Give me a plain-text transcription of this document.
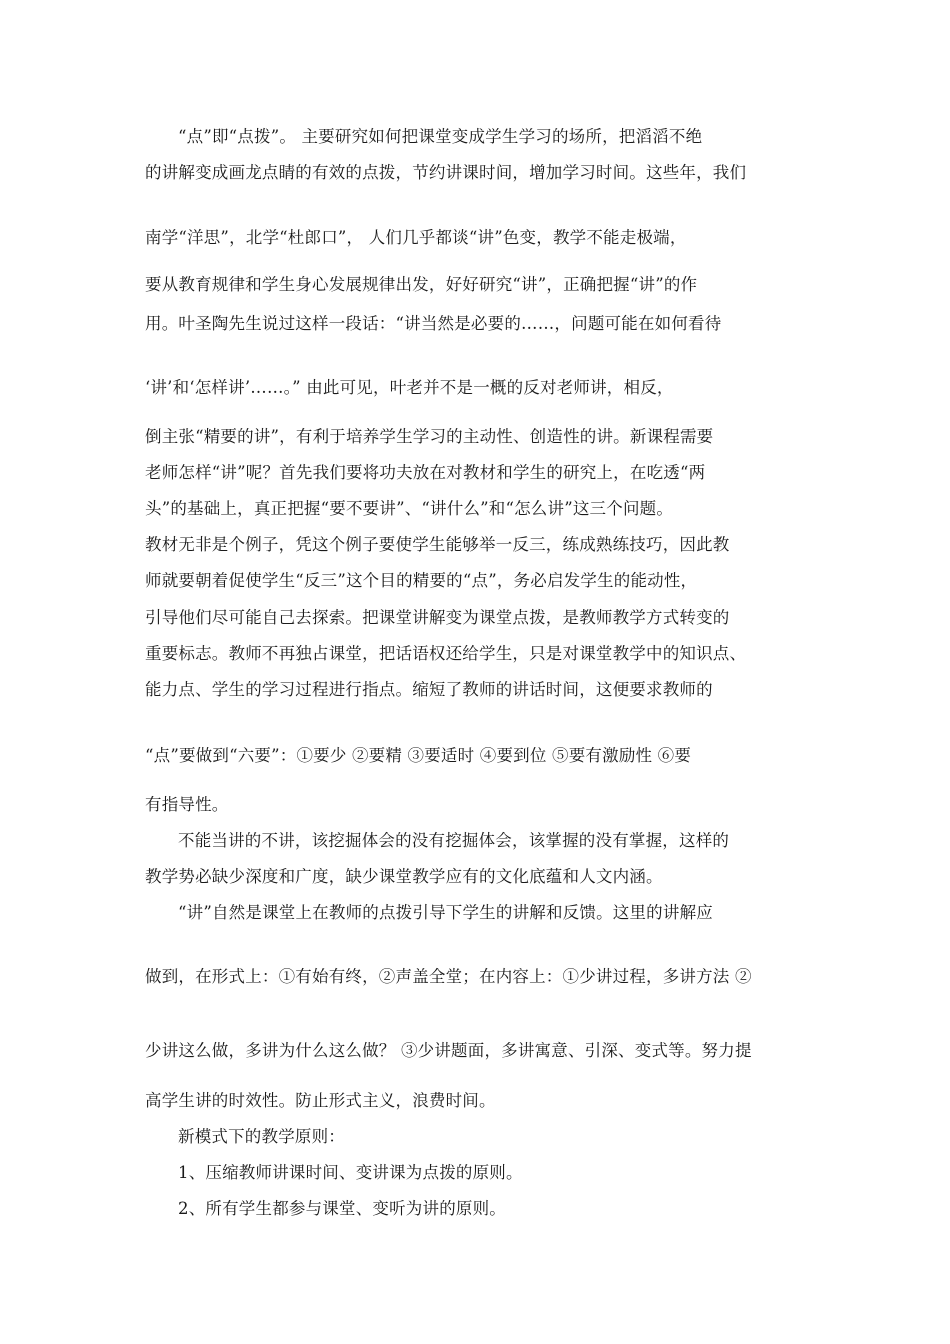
“点”即“点拨”。 主要研究如何把课堂变成学生学习的场所，把滔滔不绝

的讲解变成画龙点睛的有效的点拨，节约讲课时间，增加学习时间。这些年，我们

南学“洋思”，北学“杜郎口”， 人们几乎都谈“讲”色变，教学不能走极端，

要从教育规律和学生身心发展规律出发，好好研究“讲”，正确把握“讲”的作

用。叶圣陶先生说过这样一段话：“讲当然是必要的……，问题可能在如何看待

‘讲’和‘怎样讲’……。” 由此可见，叶老并不是一概的反对老师讲，相反，

倒主张“精要的讲”，有利于培养学生学习的主动性、创造性的讲。新课程需要

老师怎样“讲”呢？首先我们要将功夫放在对教材和学生的研究上，在吃透“两

头”的基础上，真正把握“要不要讲”、“讲什么”和“怎么讲”这三个问题。

教材无非是个例子，凭这个例子要使学生能够举一反三，练成熟练技巧，因此教

师就要朝着促使学生“反三”这个目的精要的“点”，务必启发学生的能动性，

引导他们尽可能自己去探索。把课堂讲解变为课堂点拨，是教师教学方式转变的

重要标志。教师不再独占课堂，把话语权还给学生，只是对课堂教学中的知识点、

能力点、学生的学习过程进行指点。缩短了教师的讲话时间，这便要求教师的

“点”要做到“六要”：①要少 ②要精 ③要适时 ④要到位 ⑤要有激励性 ⑥要

有指导性。

不能当讲的不讲，该挖掘体会的没有挖掘体会，该掌握的没有掌握，这样的

教学势必缺少深度和广度，缺少课堂教学应有的文化底蕴和人文内涵。

“讲”自然是课堂上在教师的点拨引导下学生的讲解和反馈。这里的讲解应

做到，在形式上：①有始有终，②声盖全堂；在内容上：①少讲过程，多讲方法 ②

少讲这么做，多讲为什么这么做？ ③少讲题面，多讲寓意、引深、变式等。努力提

高学生讲的时效性。防止形式主义，浪费时间。

新模式下的教学原则：

1、压缩教师讲课时间、变讲课为点拨的原则。

2、所有学生都参与课堂、变听为讲的原则。
